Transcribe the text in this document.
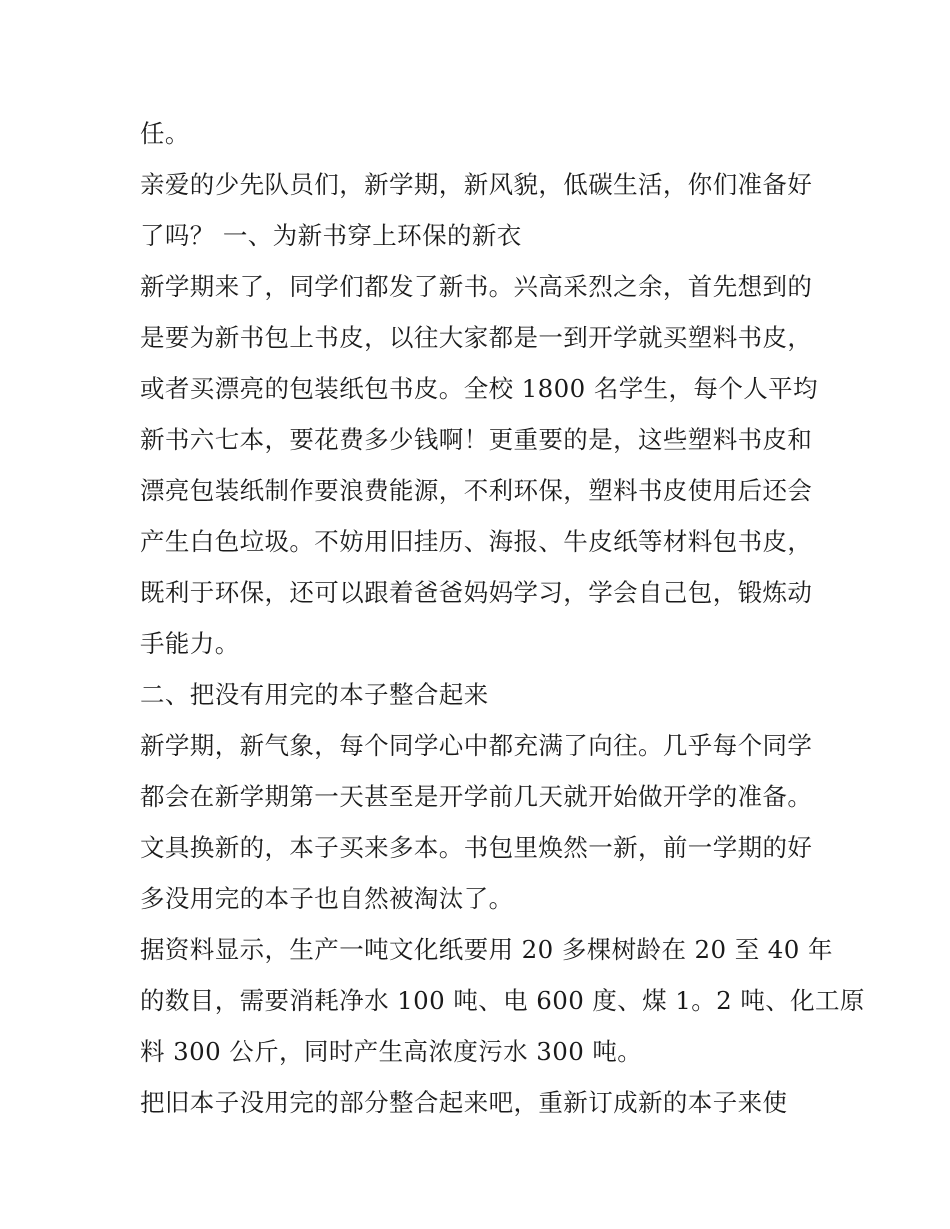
任。
亲爱的少先队员们，新学期，新风貌，低碳生活，你们准备好
了吗？ 一、为新书穿上环保的新衣
新学期来了，同学们都发了新书。兴高采烈之余，首先想到的
是要为新书包上书皮，以往大家都是一到开学就买塑料书皮，
或者买漂亮的包装纸包书皮。全校 1800 名学生，每个人平均
新书六七本，要花费多少钱啊！更重要的是，这些塑料书皮和
漂亮包装纸制作要浪费能源，不利环保，塑料书皮使用后还会
产生白色垃圾。不妨用旧挂历、海报、牛皮纸等材料包书皮，
既利于环保，还可以跟着爸爸妈妈学习，学会自己包，锻炼动
手能力。
二、把没有用完的本子整合起来
新学期，新气象，每个同学心中都充满了向往。几乎每个同学
都会在新学期第一天甚至是开学前几天就开始做开学的准备。
文具换新的，本子买来多本。书包里焕然一新，前一学期的好
多没用完的本子也自然被淘汰了。
据资料显示，生产一吨文化纸要用 20 多棵树龄在 20 至 40 年
的数目，需要消耗净水 100 吨、电 600 度、煤 1。2 吨、化工原
料 300 公斤，同时产生高浓度污水 300 吨。
把旧本子没用完的部分整合起来吧，重新订成新的本子来使
